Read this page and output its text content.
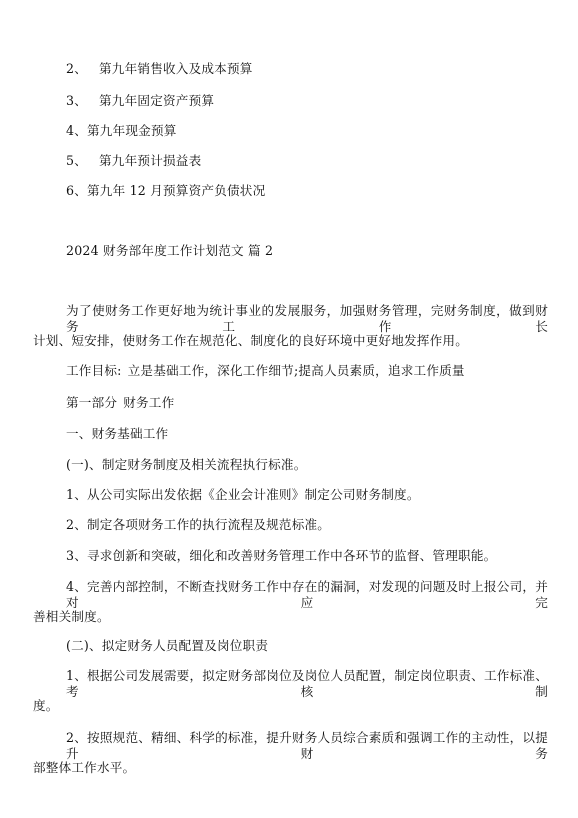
2、 第九年销售收入及成本预算
3、 第九年固定资产预算
4、第九年现金预算
5、 第九年预计损益表
6、第九年 12 月预算资产负债状况
2024 财务部年度工作计划范文 篇 2
为了使财务工作更好地为统计事业的发展服务，加强财务管理，完财务制度，做到财务工作长
计划、短安排，使财务工作在规范化、制度化的良好环境中更好地发挥作用。
工作目标: 立是基础工作，深化工作细节;提高人员素质，追求工作质量
第一部分 财务工作
一、财务基础工作
(一)、制定财务制度及相关流程执行标准。
1、从公司实际出发依据《企业会计准则》制定公司财务制度。
2、制定各项财务工作的执行流程及规范标准。
3、寻求创新和突破，细化和改善财务管理工作中各环节的监督、管理职能。
4、完善内部控制，不断查找财务工作中存在的漏洞，对发现的问题及时上报公司，并对应完
善相关制度。
(二)、拟定财务人员配置及岗位职责
1、根据公司发展需要，拟定财务部岗位及岗位人员配置，制定岗位职责、工作标准、考核制
度。
2、按照规范、精细、科学的标准，提升财务人员综合素质和强调工作的主动性，以提升财务
部整体工作水平。
